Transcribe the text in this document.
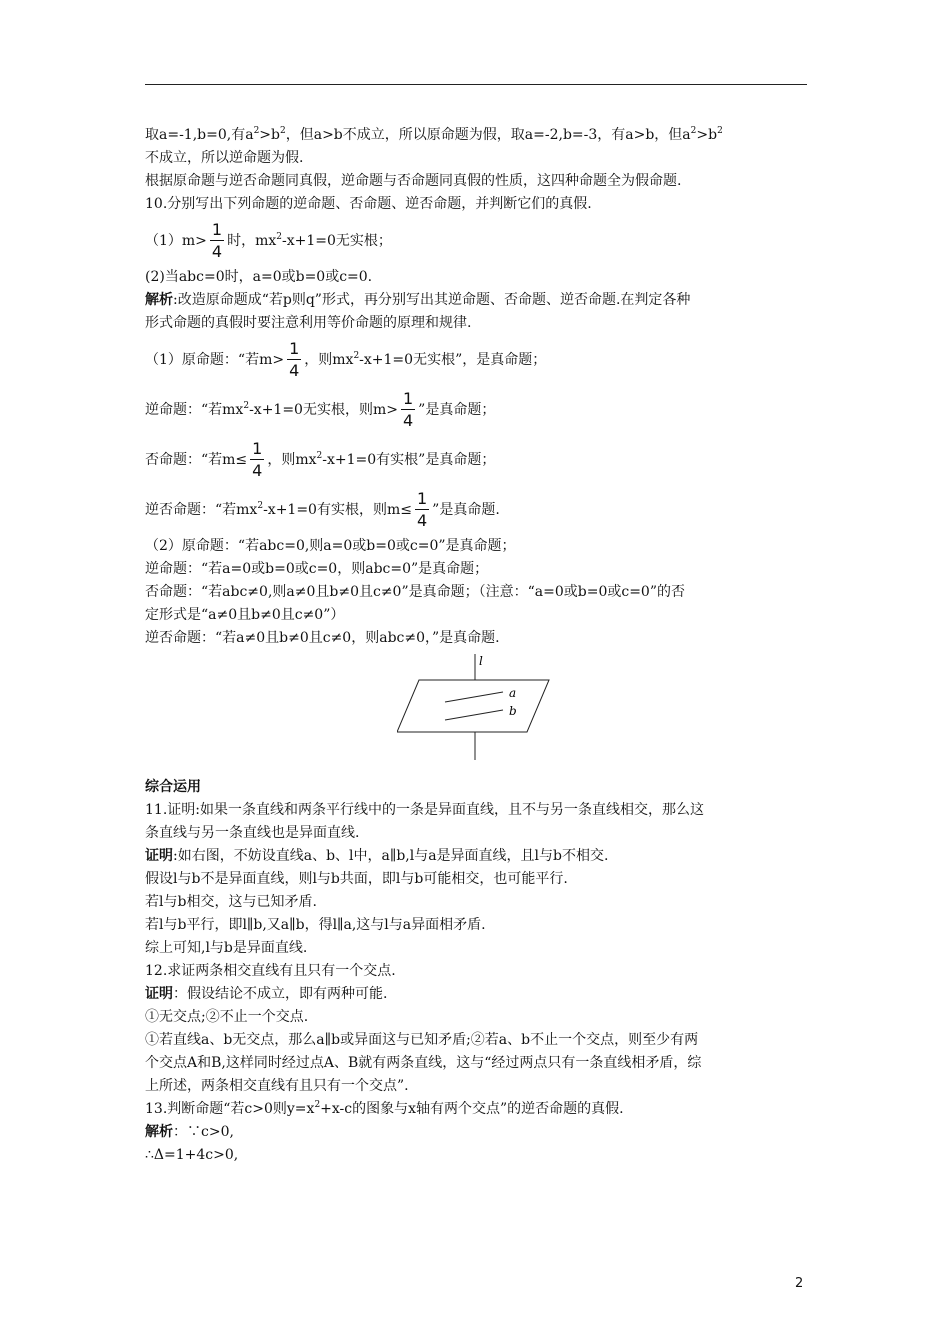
取a=-1,b=0,有$a^2>b^2$，但a>b不成立，所以原命题为假，取a=-2,b=-3，有a>b，但$a^2>b^2$
不成立，所以逆命题为假.
根据原命题与逆否命题同真假，逆命题与否命题同真假的性质，这四种命题全为假命题.
10.分别写出下列命题的逆命题、否命题、逆否命题，并判断它们的真假.
$(1)m> \frac{1}{4}$ 时，$mx^2-x+1=0$无实根；
(2)当abc=0时，a=0或b=0或c=0.
解析:改造原命题成“若p则q”形式，再分别写出其逆命题、否命题、逆否命题.在判定各种
形式命题的真假时要注意利用等价命题的原理和规律.
（1）原命题：“若$m> \frac{1}{4}$ ，则$mx^2-x+1=0$无实根”，是真命题；
逆命题：“若$mx^2-x+1=0$无实根，则$m> \frac{1}{4}$ ”是真命题；
否命题：“若$m\le \frac{1}{4}$ ，则$mx^2-x+1=0$有实根”是真命题；
逆否命题：“若$mx^2-x+1=0$有实根，则$m\le \frac{1}{4}$ ”是真命题.
（2）原命题：“若abc=0,则a=0或b=0或c=0”是真命题；
逆命题：“若a=0或b=0或c=0，则abc=0”是真命题；
否命题：“若abc≠0,则a≠0且b≠0且c≠0”是真命题；（注意：“a=0或b=0或c=0”的否
定形式是“a≠0且b≠0且c≠0”）
逆否命题：“若a≠0且b≠0且c≠0，则abc≠0，”是真命题.
l
a
b
综合运用
11.证明:如果一条直线和两条平行线中的一条是异面直线，且不与另一条直线相交，那么这
条直线与另一条直线也是异面直线.
证明:如右图，不妨设直线a、b、l中，a∥b,l与a是异面直线，且l与b不相交.
假设l与b不是异面直线，则l与b共面，即l与b可能相交，也可能平行.
若l与b相交，这与已知矛盾.
若l与b平行，即l∥b,又a∥b，得l∥a,这与l与a异面相矛盾.
综上可知,l与b是异面直线.
12.求证两条相交直线有且只有一个交点.
证明：假设结论不成立，即有两种可能.
①无交点;②不止一个交点.
①若直线a、b无交点，那么a∥b或异面这与已知矛盾;②若a、b不止一个交点，则至少有两
个交点A和B,这样同时经过点A、B就有两条直线，这与“经过两点只有一条直线相矛盾，综
上所述，两条相交直线有且只有一个交点”.
13.判断命题“若c>0则$y=x^2+x-c$的图象与x轴有两个交点”的逆否命题的真假.
解析：∵c>0,
∴Δ=1+4c>0,
2
